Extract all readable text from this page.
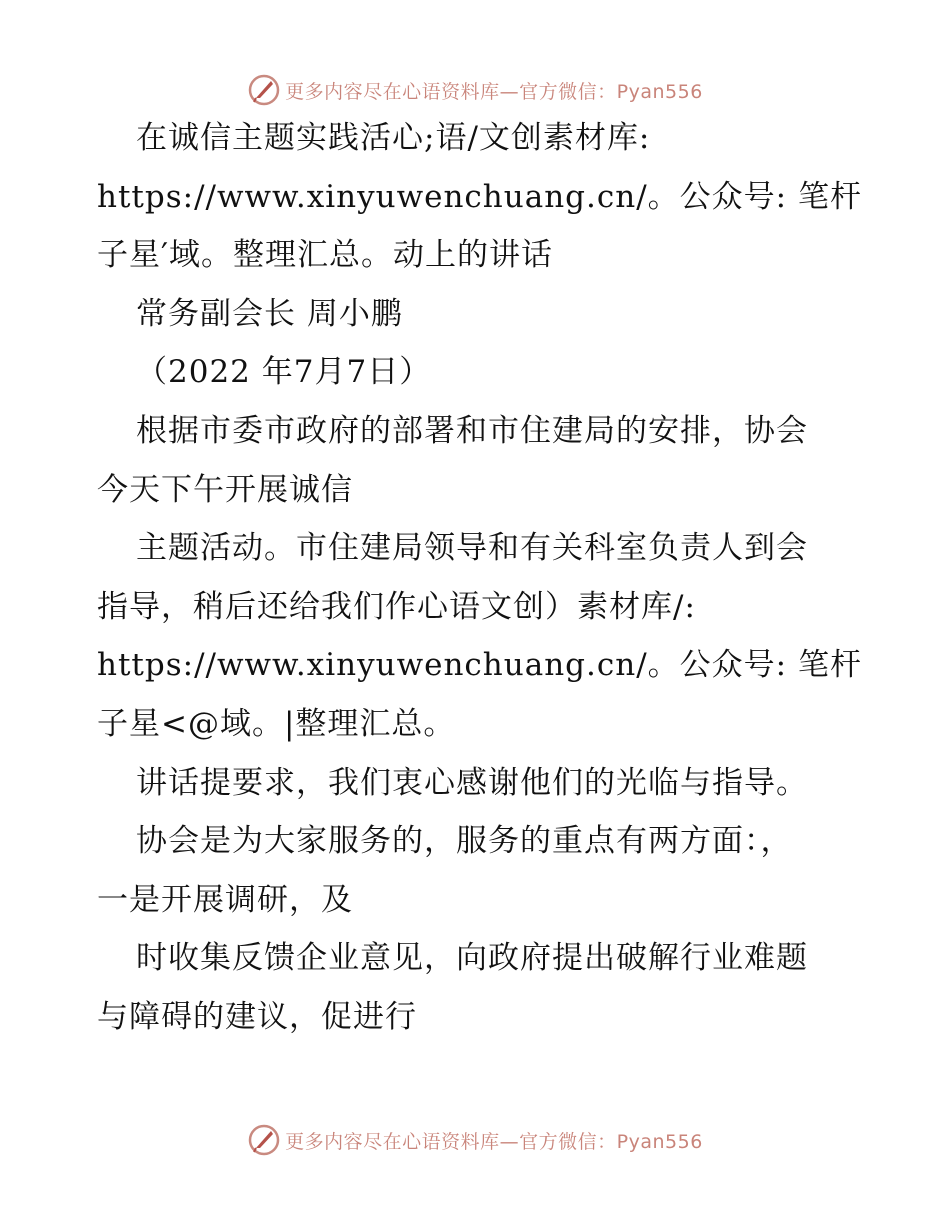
更多内容尽在心语资料库—官方微信：Pyan556
在诚信主题实践活心;语/文创素材库:
https://www.xinyuwenchuang.cn/。公众号: 笔杆
子星′域。整理汇总。动上的讲话
常务副会长 周小鹏
（2022 年7月7日）
根据市委市政府的部署和市住建局的安排，协会
今天下午开展诚信
主题活动。市住建局领导和有关科室负责人到会
指导，稍后还给我们作心语文创）素材库/:
https://www.xinyuwenchuang.cn/。公众号: 笔杆
子星<@域。|整理汇总。
讲话提要求，我们衷心感谢他们的光临与指导。
协会是为大家服务的，服务的重点有两方面：，
一是开展调研，及
时收集反馈企业意见，向政府提出破解行业难题
与障碍的建议，促进行
更多内容尽在心语资料库—官方微信：Pyan556
